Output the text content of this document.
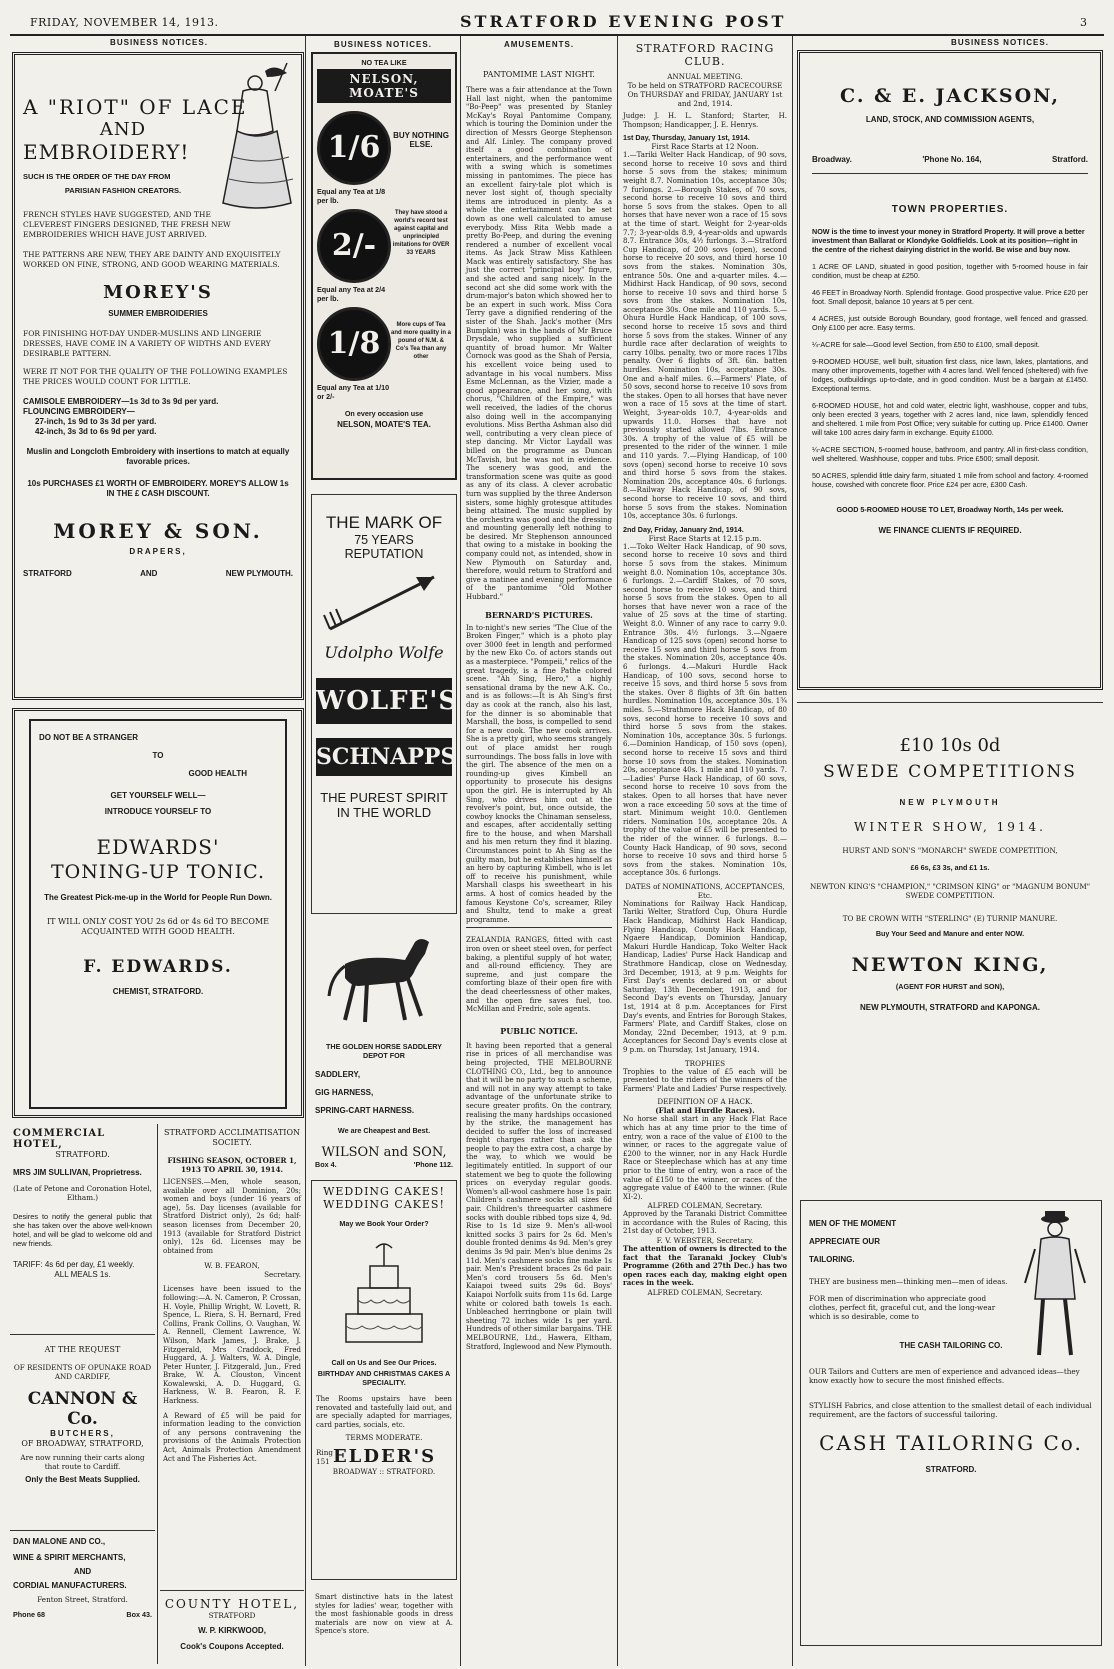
FRIDAY, NOVEMBER 14, 1913.	STRATFORD EVENING POST	3
BUSINESS NOTICES.
A "RIOT" OF LACE
AND
EMBROIDERY!
SUCH IS THE ORDER OF THE DAY FROM
PARISIAN FASHION CREATORS.
FRENCH STYLES HAVE SUGGESTED, AND THE CLEVEREST FINGERS DESIGNED, THE FRESH NEW EMBROIDERIES WHICH HAVE JUST ARRIVED.
THE PATTERNS ARE NEW, THEY ARE DAINTY AND EXQUISITELY WORKED ON FINE, STRONG, AND GOOD WEARING MATERIALS.
MOREY'S
SUMMER EMBROIDERIES
FOR FINISHING HOT-DAY UNDER-MUSLINS AND LINGERIE DRESSES, HAVE COME IN A VARIETY OF WIDTHS AND EVERY DESIRABLE PATTERN.
WERE IT NOT FOR THE QUALITY OF THE FOLLOWING EXAMPLES THE PRICES WOULD COUNT FOR LITTLE.
CAMISOLE EMBROIDERY—1s 3d to 3s 9d per yard.
FLOUNCING EMBROIDERY—
27-inch, 1s 9d to 3s 3d per yard.
42-inch, 3s 3d to 6s 9d per yard.
Muslin and Longcloth Embroidery with insertions to match at equally favorable prices.
10s PURCHASES £1 WORTH OF EMBROIDERY. MOREY'S ALLOW 1s IN THE £ CASH DISCOUNT.
MOREY & SON.
DRAPERS,
STRATFORD	AND	NEW PLYMOUTH.
DO NOT BE A STRANGER
TO
GOOD HEALTH
GET YOURSELF WELL—
INTRODUCE YOURSELF TO
EDWARDS'
TONING-UP TONIC.
The Greatest Pick-me-up in the World for People Run Down.
IT WILL ONLY COST YOU 2s 6d or 4s 6d TO BECOME ACQUAINTED WITH GOOD HEALTH.
F. EDWARDS.
CHEMIST, STRATFORD.
COMMERCIAL HOTEL,
STRATFORD.
MRS JIM SULLIVAN, Proprietress.
(Late of Petone and Coronation Hotel, Eltham.)
Desires to notify the general public that she has taken over the above well-known hotel, and will be glad to welcome old and new friends.
TARIFF: 4s 6d per day, £1 weekly.
ALL MEALS 1s.
AT THE REQUEST
OF RESIDENTS OF OPUNAKE ROAD AND CARDIFF,
CANNON & Co.
BUTCHERS,
OF BROADWAY, STRATFORD,
Are now running their carts along that route to Cardiff.
Only the Best Meats Supplied.
DAN MALONE AND CO.,
WINE & SPIRIT MERCHANTS,
AND
CORDIAL MANUFACTURERS.
Fenton Street, Stratford.
Phone 68	Box 43.
STRATFORD ACCLIMATISATION SOCIETY.
FISHING SEASON, OCTOBER 1, 1913 TO APRIL 30, 1914.
LICENSES.—Men, whole season, available over all Dominion, 20s; women and boys (under 16 years of age), 5s. Day licenses (available for Stratford District only), 2s 6d; half-season licenses from December 20, 1913 (available for Stratford District only), 12s 6d. Licenses may be obtained from
W. B. FEARON,
Secretary.
Licenses have been issued to the following:—A. N. Cameron, P. Crossan, H. Voyle, Phillip Wright, W. Lovett, R. Spence, L. Riera, S. H. Bernard, Fred Collins, Frank Collins, O. Vaughan, W. A. Rennell, Clement Lawrence, W. Wilson, Mark James, J. Brake, J. Fitzgerald, Mrs Craddock, Fred Huggard, A. J. Walters, W. A. Dingle, Peter Hunter, J. Fitzgerald, Jun., Fred Brake, W. A. Clouston, Vincent Kowalewski, A. D. Huggard, G. Harkness, W. B. Fearon, R. F. Harkness.
A Reward of £5 will be paid for information leading to the conviction of any persons contravening the provisions of the Animals Protection Act, Animals Protection Amendment Act and The Fisheries Act.
COUNTY HOTEL,
STRATFORD
W. P. KIRKWOOD,
Cook's Coupons Accepted.
BUSINESS NOTICES.
NO TEA LIKE
NELSON, MOATE'S
1/6	BUY NOTHING ELSE.
Equal any Tea at 1/8 per lb.
2/-
They have stood a world's record test against capital and unprincipled imitations for OVER 33 YEARS
Equal any Tea at 2/4 per lb.
1/8
More cups of Tea and more quality in a pound of N.M. & Co's Tea than any other
Equal any Tea at 1/10 or 2/-
On every occasion use
NELSON, MOATE'S TEA.
THE MARK OF
75 YEARS REPUTATION
Udolpho Wolfe
WOLFE'S
SCHNAPPS
THE PUREST SPIRIT
IN THE WORLD
THE GOLDEN HORSE SADDLERY DEPOT FOR
SADDLERY,
GIG HARNESS,
SPRING-CART HARNESS.
We are Cheapest and Best.
WILSON and SON,
Box 4.	'Phone 112.
WEDDING CAKES! WEDDING CAKES!
May we Book Your Order?
Call on Us and See Our Prices.
BIRTHDAY AND CHRISTMAS CAKES A SPECIALITY.
The Rooms upstairs have been renovated and tastefully laid out, and are specially adapted for marriages, card parties, socials, etc.
TERMS MODERATE.
Ring 151 ELDER'S
BROADWAY :: STRATFORD.
Smart distinctive hats in the latest styles for ladies' wear, together with the most fashionable goods in dress materials are now on view at A. Spence's store.
AMUSEMENTS.
PANTOMIME LAST NIGHT.
There was a fair attendance at the Town Hall last night, when the pantomime "Bo-Peep" was presented by Stanley McKay's Royal Pantomime Company, which is touring the Dominion under the direction of Messrs George Stephenson and Alf. Linley. The company proved itself a good combination of entertainers, and the performance went with a swing which is sometimes missing in pantomimes. The piece has an excellent fairy-tale plot which is never lost sight of, though specialty items are introduced in plenty. As a whole the entertainment can be set down as one well calculated to amuse everybody. Miss Rita Webb made a pretty Bo-Peep, and during the evening rendered a number of excellent vocal items. As Jack Straw Miss Kathleen Mack was entirely satisfactory. She has just the correct "principal boy" figure, and she acted and sang nicely. In the second act she did some work with the drum-major's baton which showed her to be an expert in such work. Miss Cora Terry gave a dignified rendering of the sister of the Shah. Jack's mother (Mrs Bumpkin) was in the hands of Mr Bruce Drysdale, who supplied a sufficient quantity of broad humor. Mr Walter Cornock was good as the Shah of Persia, his excellent voice being used to advantage in his vocal numbers. Miss Esme McLennan, as the Vizier, made a good appearance, and her song, with chorus, "Children of the Empire," was well received, the ladies of the chorus also doing well in the accompanying evolutions. Miss Bertha Ashman also did well, contributing a very clean piece of step dancing. Mr Victor Laydall was billed on the programme as Duncan McTavish, but he was not in evidence. The scenery was good, and the transformation scene was quite as good as any of its class. A clever acrobatic turn was supplied by the three Anderson sisters, some highly grotesque attitudes being attained. The music supplied by the orchestra was good and the dressing and mounting generally left nothing to be desired. Mr Stephenson announced that owing to a mistake in booking the company could not, as intended, show in New Plymouth on Saturday and, therefore, would return to Stratford and give a matinee and evening performance of the pantomime "Old Mother Hubbard."
BERNARD'S PICTURES.
In to-night's new series "The Clue of the Broken Finger," which is a photo play over 3000 feet in length and performed by the new Eko Co. of actors stands out as a masterpiece. "Pompeii," relics of the great tragedy, is a fine Pathe colored scene. "Ah Sing, Hero," a highly sensational drama by the new A.K. Co., and is as follows:—It is Ah Sing's first day as cook at the ranch, also his last, for the dinner is so abominable that Marshall, the boss, is compelled to send for a new cook. The new cook arrives. She is a pretty girl, who seems strangely out of place amidst her rough surroundings. The boss falls in love with the girl. The absence of the men on a rounding-up gives Kimbell an opportunity to prosecute his designs upon the girl. He is interrupted by Ah Sing, who drives him out at the revolver's point, but, once outside, the cowboy knocks the Chinaman senseless, and escapes, after accidentally setting fire to the house, and when Marshall and his men return they find it blazing. Circumstances point to Ah Sing as the guilty man, but he establishes himself as an hero by capturing Kimbell, who is let off to receive his punishment, while Marshall clasps his sweetheart in his arms. A host of comics headed by the famous Keystone Co's, screamer, Riley and Shultz, tend to make a great programme.
ZEALANDIA RANGES, fitted with cast iron oven or sheet steel oven, for perfect baking, a plentiful supply of hot water, and all-round efficiency. They are supreme, and just compare the comforting blaze of their open fire with the dead cheerlessness of other makes, and the open fire saves fuel, too. McMillan and Fredric, sole agents.
PUBLIC NOTICE.
It having been reported that a general rise in prices of all merchandise was being projected, THE MELBOURNE CLOTHING CO., Ltd., beg to announce that it will be no party to such a scheme, and will not in any way attempt to take advantage of the unfortunate strike to secure greater profits. On the contrary, realising the many hardships occasioned by the strike, the management has decided to suffer the loss of increased freight charges rather than ask the people to pay the extra cost, a charge by the way, to which we would be legitimately entitled. In support of our statement we beg to quote the following prices on everyday regular goods. Women's all-wool cashmere hose 1s pair. Children's cashmere socks all sizes 6d pair. Children's threequarter cashmere socks with double ribbed tops size 4, 9d. Rise to 1s 1d size 9. Men's all-wool knitted socks 3 pairs for 2s 6d. Men's double fronted denims 4s 9d. Men's grey denims 3s 9d pair. Men's blue denims 2s 11d. Men's cashmere socks fine make 1s pair. Men's President braces 2s 6d pair. Men's cord trousers 5s 6d. Men's Kaiapoi tweed suits 29s 6d. Boys' Kaiapoi Norfolk suits from 11s 6d. Large white or colored bath towels 1s each. Unbleached herringbone or plain twill sheeting 72 inches wide 1s per yard. Hundreds of other similar bargains. THE MELBOURNE, Ltd., Hawera, Eltham, Stratford, Inglewood and New Plymouth.
STRATFORD RACING CLUB.
ANNUAL MEETING.
To be held on STRATFORD RACECOURSE On THURSDAY and FRIDAY, JANUARY 1st and 2nd, 1914.
Judge: J. H. L. Stanford; Starter, H. Thompson; Handicapper, J. E. Henrys.
1st Day, Thursday, January 1st, 1914.
First Race Starts at 12 Noon.
1.—Tariki Welter Hack Handicap, of 90 sovs, second horse to receive 10 sovs and third horse 5 sovs from the stakes; minimum weight 8.7. Nomination 10s, acceptance 30s; 7 furlongs. 2.—Borough Stakes, of 70 sovs, second horse to receive 10 sovs and third horse 5 sovs from the stakes. Open to all horses that have never won a race of 15 sovs at the time of start. Weight for 2-year-olds 7.7; 3-year-olds 8.9, 4-year-olds and upwards 8.7. Entrance 30s, 4½ furlongs. 3.—Stratford Cup Handicap, of 200 sovs (open), second horse to receive 20 sovs, and third horse 10 sovs from the stakes. Nomination 30s, entrance 50s. One and a-quarter miles. 4.—Midhirst Hack Handicap, of 90 sovs, second horse to receive 10 sovs and third horse 5 sovs from the stakes. Nomination 10s, acceptance 30s. One mile and 110 yards. 5.—Ohura Hurdle Hack Handicap, of 100 sovs, second horse to receive 15 sovs and third horse 5 sovs from the stakes. Winner of any hurdle race after declaration of weights to carry 10lbs. penalty, two or more races 17lbs penalty. Over 6 flights of 3ft. 6in. batten hurdles. Nomination 10s, acceptance 30s. One and a-half miles. 6.—Farmers' Plate, of 50 sovs, second horse to receive 10 sovs from the stakes. Open to all horses that have never won a race of 15 sovs at the time of start. Weight, 3-year-olds 10.7, 4-year-olds and upwards 11.0. Horses that have not previously started allowed 7lbs. Entrance 30s. A trophy of the value of £5 will be presented to the rider of the winner. 1 mile and 110 yards. 7.—Flying Handicap, of 100 sovs (open) second horse to receive 10 sovs and third horse 5 sovs from the stakes. Nomination 20s, acceptance 40s. 6 furlongs. 8.—Railway Hack Handicap, of 90 sovs, second horse to receive 10 sovs, and third horse 5 sovs from the stakes. Nomination 10s, acceptance 30s. 6 furlongs.
2nd Day, Friday, January 2nd, 1914.
First Race Starts at 12.15 p.m.
1.—Toko Welter Hack Handicap, of 90 sovs, second horse to receive 10 sovs and third horse 5 sovs from the stakes. Minimum weight 8.0. Nomination 10s, acceptance 30s. 6 furlongs. 2.—Cardiff Stakes, of 70 sovs, second horse to receive 10 sovs, and third horse 5 sovs from the stakes. Open to all horses that have never won a race of the value of 25 sovs at the time of starting. Weight 8.0. Winner of any race to carry 9.0. Entrance 30s. 4½ furlongs. 3.—Ngaere Handicap of 125 sovs (open) second horse to receive 15 sovs and third horse 5 sovs from the stakes. Nomination 20s, acceptance 40s. 6 furlongs. 4.—Makuri Hurdle Hack Handicap, of 100 sovs, second horse to receive 15 sovs, and third horse 5 sovs from the stakes. Over 8 flights of 3ft 6in batten hurdles. Nomination 10s, acceptance 30s. 1¾ miles. 5.—Strathmore Hack Handicap, of 80 sovs, second horse to receive 10 sovs and third horse 5 sovs from the stakes. Nomination 10s, acceptance 30s. 5 furlongs. 6.—Dominion Handicap, of 150 sovs (open), second horse to receive 15 sovs and third horse 10 sovs from the stakes. Nomination 20s, acceptance 40s. 1 mile and 110 yards. 7.—Ladies' Purse Hack Handicap, of 60 sovs, second horse to receive 10 sovs from the stakes. Open to all horses that have never won a race exceeding 50 sovs at the time of start. Minimum weight 10.0. Gentlemen riders. Nomination 10s, acceptance 20s. A trophy of the value of £5 will be presented to the rider of the winner. 6 furlongs. 8.—County Hack Handicap, of 90 sovs, second horse to receive 10 sovs and third horse 5 sovs from the stakes. Nomination 10s, acceptance 30s. 6 furlongs.
DATES of NOMINATIONS, ACCEPTANCES, Etc.
Nominations for Railway Hack Handicap, Tariki Welter, Stratford Cup, Ohura Hurdle Hack Handicap, Midhirst Hack Handicap, Flying Handicap, County Hack Handicap, Ngaere Handicap, Dominion Handicap, Makuri Hurdle Handicap, Toko Welter Hack Handicap, Ladies' Purse Hack Handicap and Strathmore Handicap, close on Wednesday, 3rd December, 1913, at 9 p.m. Weights for First Day's events declared on or about Saturday, 13th December, 1913, and for Second Day's events on Thursday, January 1st, 1914 at 8 p.m. Acceptances for First Day's events, and Entries for Borough Stakes, Farmers' Plate, and Cardiff Stakes, close on Monday, 22nd December, 1913, at 9 p.m. Acceptances for Second Day's events close at 9 p.m. on Thursday, 1st January, 1914.
TROPHIES
Trophies to the value of £5 each will be presented to the riders of the winners of the Farmers' Plate and Ladies' Purse respectively.
DEFINITION OF A HACK.
(Flat and Hurdle Races).
No horse shall start in any Hack Flat Race which has at any time prior to the time of entry, won a race of the value of £100 to the winner, or races to the aggregate value of £200 to the winner, nor in any Hack Hurdle Race or Steeplechase which has at any time prior to the time of entry, won a race of the value of £150 to the winner, or races of the aggregate value of £400 to the winner. (Rule XI-2).
ALFRED COLEMAN, Secretary.
Approved by the Taranaki District Committee in accordance with the Rules of Racing, this 21st day of October, 1913.
F. V. WEBSTER, Secretary.
The attention of owners is directed to the fact that the Taranaki Jockey Club's Programme (26th and 27th Dec.) has two open races each day, making eight open races in the week.
ALFRED COLEMAN, Secretary.
BUSINESS NOTICES.
C. & E. JACKSON,
LAND, STOCK, AND COMMISSION AGENTS,
Broadway.	'Phone No. 164,	Stratford.
TOWN PROPERTIES.
NOW is the time to invest your money in Stratford Property. It will prove a better investment than Ballarat or Klondyke Goldfields. Look at its position—right in the centre of the richest dairying district in the world. Be wise and buy now.
1 ACRE OF LAND, situated in good position, together with 5-roomed house in fair condition, must be cheap at £250.
46 FEET in Broadway North. Splendid frontage. Good prospective value. Price £20 per foot. Small deposit, balance 10 years at 5 per cent.
4 ACRES, just outside Borough Boundary, good frontage, well fenced and grassed. Only £100 per acre. Easy terms.
¼-ACRE for sale—Good level Section, from £50 to £100, small deposit.
9-ROOMED HOUSE, well built, situation first class, nice lawn, lakes, plantations, and many other improvements, together with 4 acres land. Well fenced (sheltered) with five lodges, outbuildings up-to-date, and in good condition. Must be a bargain at £1450. Exceptional terms.
6-ROOMED HOUSE, hot and cold water, electric light, washhouse, copper and tubs, only been erected 3 years, together with 2 acres land, nice lawn, splendidly fenced and sheltered. 1 mile from Post Office; very suitable for cutting up. Price £1400. Owner will take 100 acres dairy farm in exchange. Equity £1000.
¼-ACRE SECTION, 5-roomed house, bathroom, and pantry. All in first-class condition, well sheltered. Washhouse, copper and tubs. Price £500; small deposit.
50 ACRES, splendid little dairy farm, situated 1 mile from school and factory. 4-roomed house, cowshed with concrete floor. Price £24 per acre, £300 Cash.
GOOD 5-ROOMED HOUSE TO LET, Broadway North, 14s per week.
WE FINANCE CLIENTS IF REQUIRED.
£10 10s 0d
SWEDE COMPETITIONS
NEW PLYMOUTH
WINTER SHOW, 1914.
HURST AND SON'S "MONARCH" SWEDE COMPETITION,
£6 6s, £3 3s, and £1 1s.
NEWTON KING'S "CHAMPION," "CRIMSON KING" or "MAGNUM BONUM" SWEDE COMPETITION.
TO BE CROWN WITH "STERLING" (E) TURNIP MANURE.
Buy Your Seed and Manure and enter NOW.
NEWTON KING,
(AGENT FOR HURST and SON),
NEW PLYMOUTH, STRATFORD and KAPONGA.
MEN OF THE MOMENT
APPRECIATE OUR
TAILORING.
THEY are business men—thinking men—men of ideas.
FOR men of discrimination who appreciate good clothes, perfect fit, graceful cut, and the long-wear which is so desirable, come to
THE CASH TAILORING CO.
OUR Tailors and Cutters are men of experience and advanced ideas—they know exactly how to secure the most finished effects.
STYLISH Fabrics, and close attention to the smallest detail of each individual requirement, are the factors of successful tailoring.
CASH TAILORING Co.
STRATFORD.
